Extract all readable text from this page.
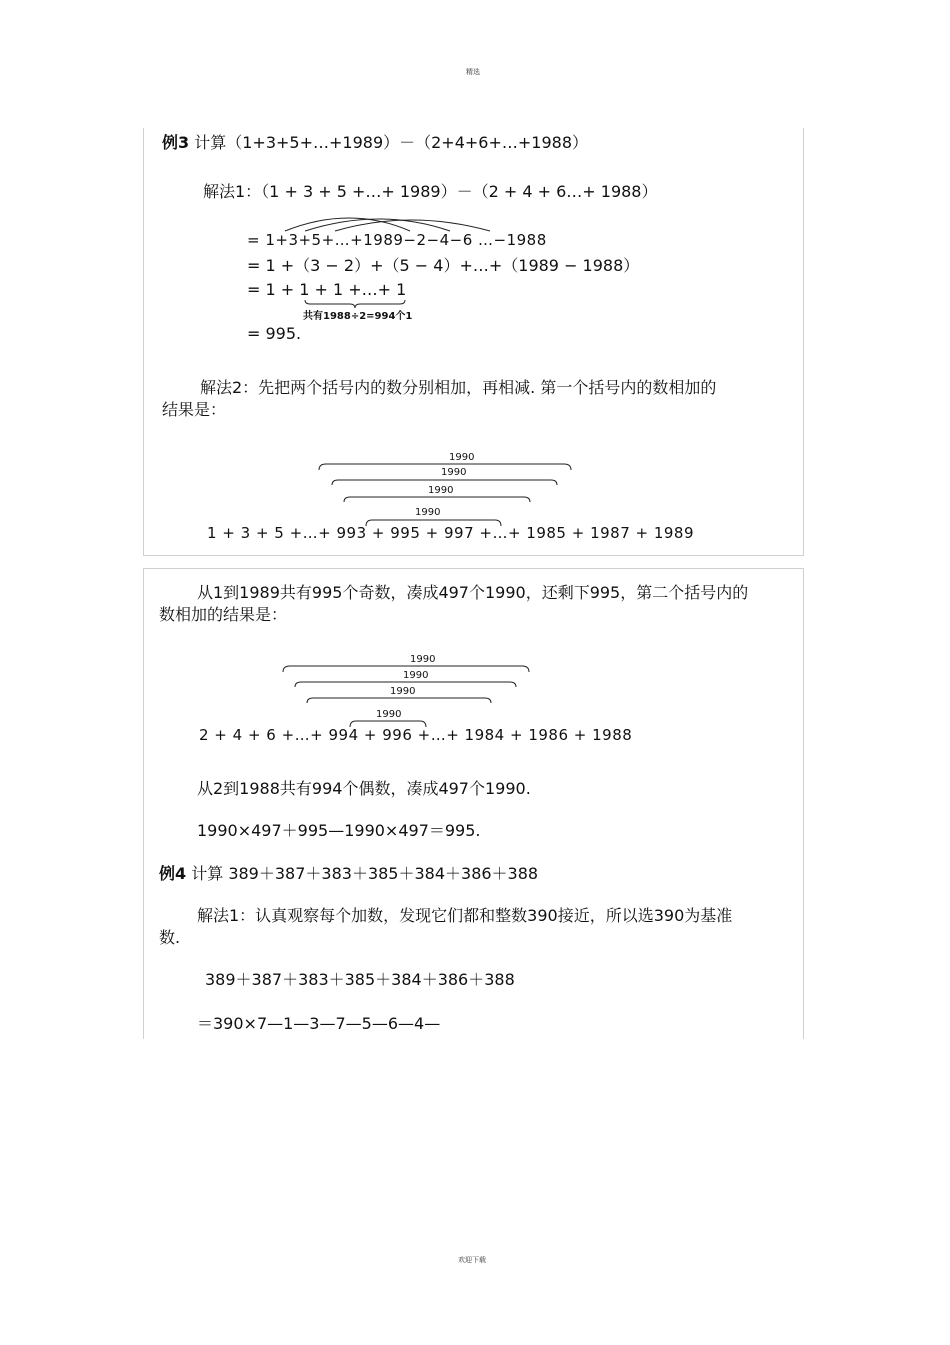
精选
例3 计算（1+3+5+…+1989）－（2+4+6+…+1988）
解法1：（1 + 3 + 5 +…+ 1989）－（2 + 4 + 6…+ 1988）
= 1+3+5+…+1989−2−4−6 …−1988
= 1 +（3 − 2）+（5 − 4）+…+（1989 − 1988）
= 1 + 1 + 1 +…+ 1
共有1988÷2=994个1
= 995.
解法2：先把两个括号内的数分别相加，再相减. 第一个括号内的数相加的
结果是：
1990
1990
1990
1990
1 + 3 + 5 +…+ 993 + 995 + 997 +…+ 1985 + 1987 + 1989
从1到1989共有995个奇数，凑成497个1990，还剩下995，第二个括号内的
数相加的结果是：
1990
1990
1990
1990
2 + 4 + 6 +…+ 994 + 996 +…+ 1984 + 1986 + 1988
从2到1988共有994个偶数，凑成497个1990.
1990×497＋995—1990×497＝995.
例4 计算 389＋387＋383＋385＋384＋386＋388
解法1：认真观察每个加数，发现它们都和整数390接近，所以选390为基准
数.
389＋387＋383＋385＋384＋386＋388
＝390×7—1—3—7—5—6—4—
欢迎下载
